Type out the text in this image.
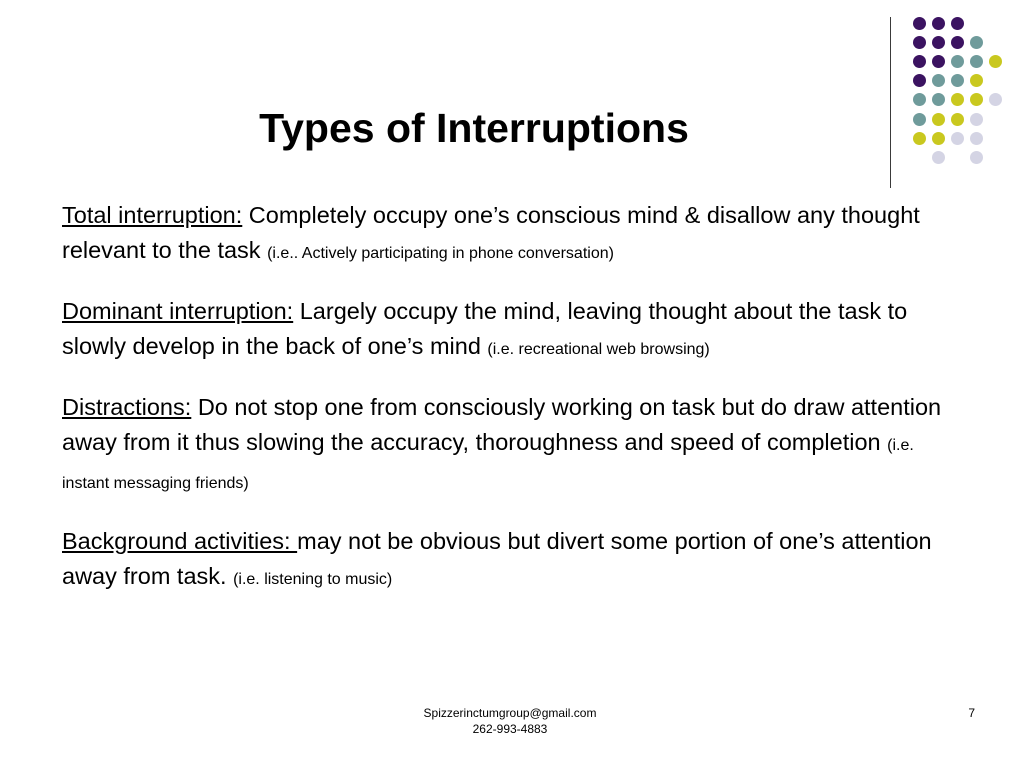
Types of Interruptions

Total interruption: Completely occupy one’s conscious mind & disallow any thought relevant to the task (i.e.. Actively participating in phone conversation)

Dominant interruption: Largely occupy the mind, leaving thought about the task to slowly develop in the back of one’s mind (i.e. recreational web browsing)

Distractions: Do not stop one from consciously working on task but do draw attention away from it thus slowing the accuracy, thoroughness and speed of completion (i.e. instant messaging friends)

Background activities: may not be obvious but divert some portion of one’s attention away from task. (i.e. listening to music)

Spizzerinctumgroup@gmail.com
262-993-4883
7
